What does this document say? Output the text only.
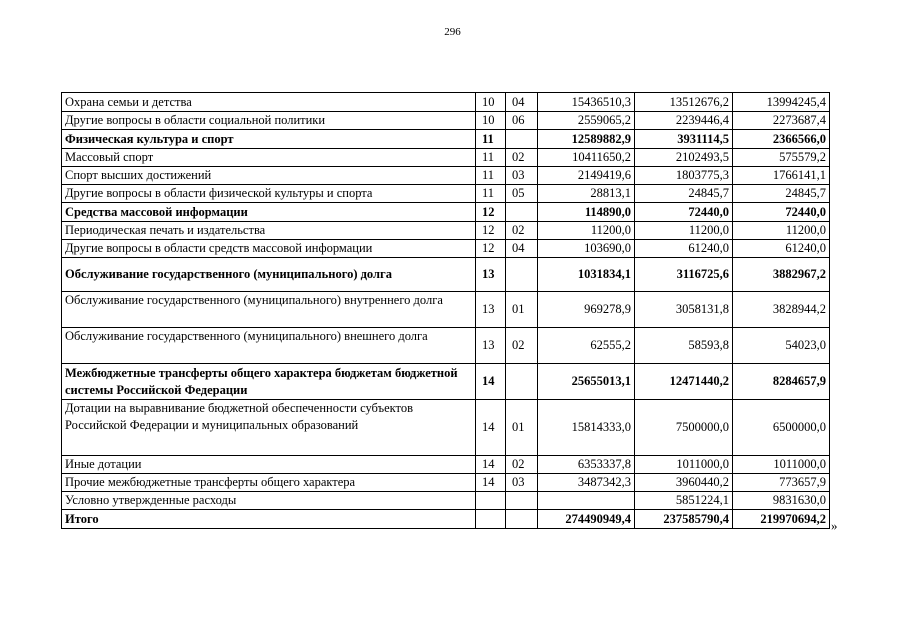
296
Охрана семьи и детства	10	04	15436510,3	13512676,2	13994245,4
Другие вопросы в области социальной политики	10	06	2559065,2	2239446,4	2273687,4
Физическая культура и спорт	11		12589882,9	3931114,5	2366566,0
Массовый спорт	11	02	10411650,2	2102493,5	575579,2
Спорт высших достижений	11	03	2149419,6	1803775,3	1766141,1
Другие вопросы в области физической культуры и спорта	11	05	28813,1	24845,7	24845,7
Средства массовой информации	12		114890,0	72440,0	72440,0
Периодическая печать и издательства	12	02	11200,0	11200,0	11200,0
Другие вопросы в области средств массовой информации	12	04	103690,0	61240,0	61240,0
Обслуживание государственного (муниципального) долга	13		1031834,1	3116725,6	3882967,2
Обслуживание государственного (муниципального) внутреннего долга	13	01	969278,9	3058131,8	3828944,2
Обслуживание государственного (муниципального) внешнего долга	13	02	62555,2	58593,8	54023,0
Межбюджетные трансферты общего характера бюджетам бюджетной системы Российской Федерации	14		25655013,1	12471440,2	8284657,9
Дотации на выравнивание бюджетной обеспеченности субъектов Российской Федерации и муниципальных образований	14	01	15814333,0	7500000,0	6500000,0
Иные дотации	14	02	6353337,8	1011000,0	1011000,0
Прочие межбюджетные трансферты общего характера	14	03	3487342,3	3960440,2	773657,9
Условно утвержденные расходы				5851224,1	9831630,0
Итого			274490949,4	237585790,4	219970694,2 »
